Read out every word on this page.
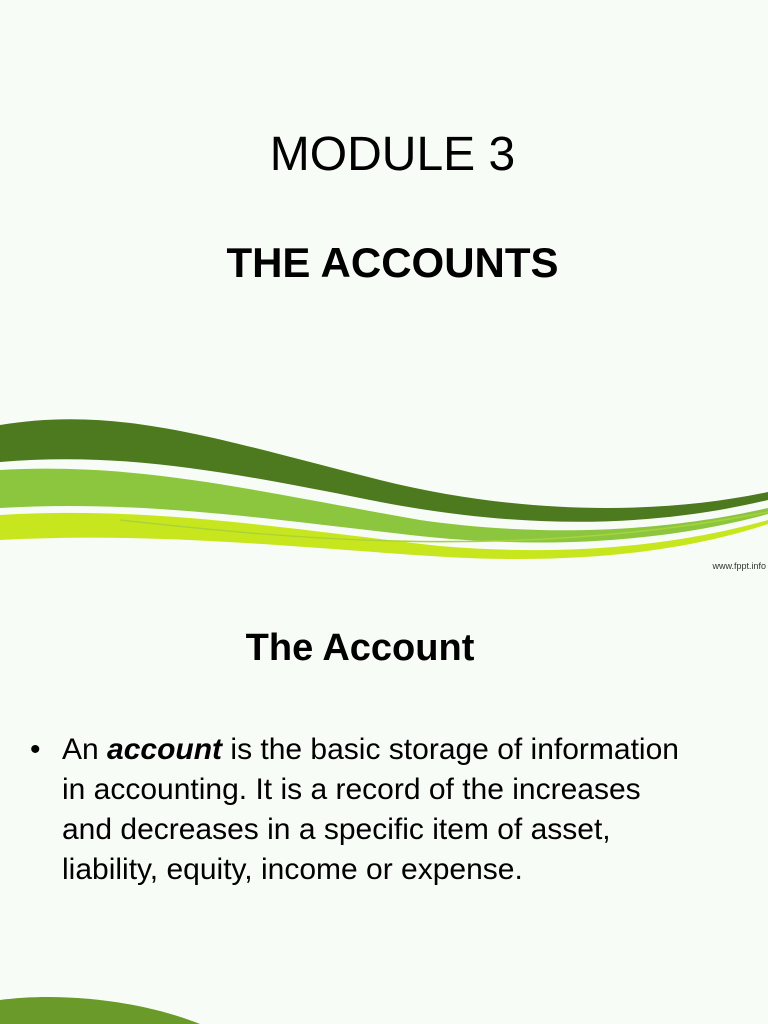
MODULE 3
THE ACCOUNTS
www.fppt.info
The Account
• An account is the basic storage of information in accounting. It is a record of the increases and decreases in a specific item of asset, liability, equity, income or expense.
